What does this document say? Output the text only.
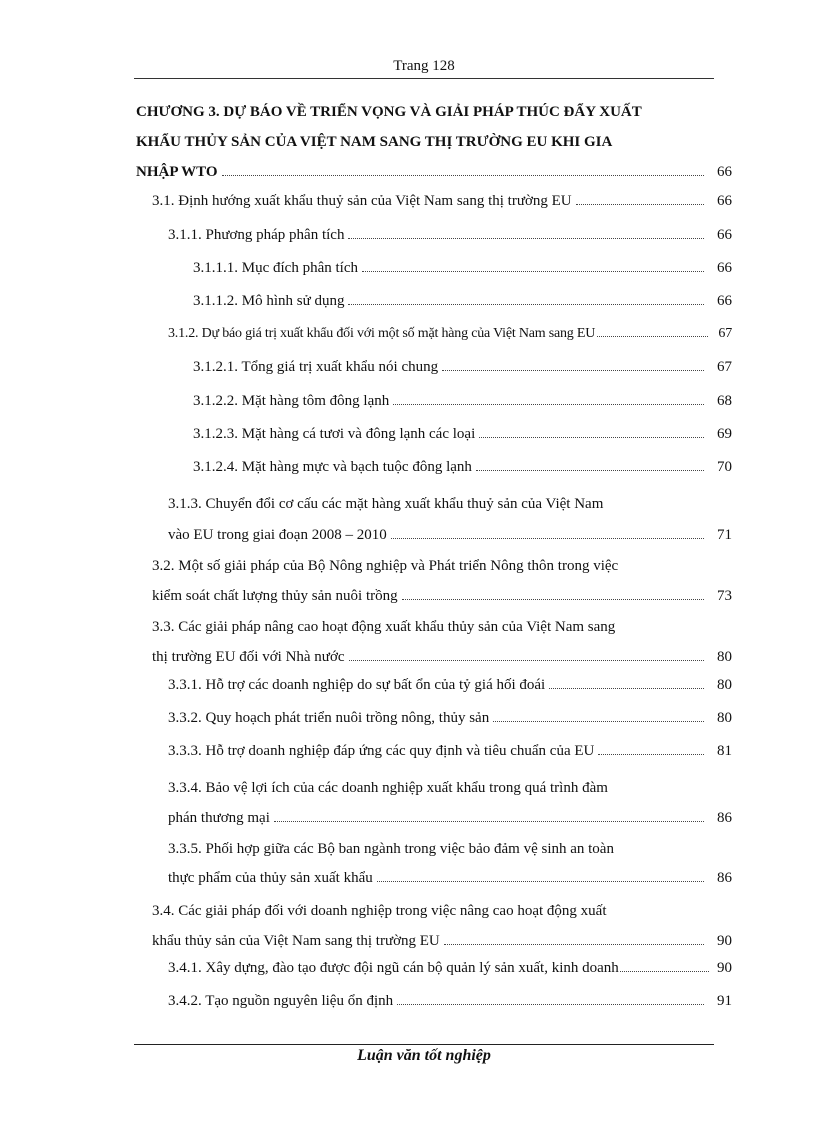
Trang 128
CHƯƠNG 3. DỰ BÁO VỀ TRIỂN VỌNG VÀ GIẢI PHÁP THÚC ĐẨY XUẤT
KHẨU THỦY SẢN CỦA VIỆT NAM SANG THỊ TRƯỜNG EU KHI GIA
NHẬP WTO	66
3.1. Định hướng xuất khẩu thuỷ sản của Việt Nam sang thị trường EU	66
3.1.1. Phương pháp phân tích	66
3.1.1.1. Mục đích phân tích	66
3.1.1.2. Mô hình sử dụng	66
3.1.2. Dự báo giá trị xuất khẩu đối với một số mặt hàng của Việt Nam sang EU	67
3.1.2.1. Tổng giá trị xuất khẩu nói chung	67
3.1.2.2. Mặt hàng tôm đông lạnh	68
3.1.2.3. Mặt hàng cá tươi và đông lạnh các loại	69
3.1.2.4. Mặt hàng mực và bạch tuộc đông lạnh	70
3.1.3. Chuyển đổi cơ cấu các mặt hàng xuất khẩu thuỷ sản của Việt Nam
vào EU trong giai đoạn 2008 – 2010	71
3.2. Một số giải pháp của Bộ Nông nghiệp và Phát triển Nông thôn trong việc
kiểm soát chất lượng thủy sản nuôi trồng	73
3.3. Các giải pháp nâng cao hoạt động xuất khẩu thủy sản của Việt Nam sang
thị trường EU đối với Nhà nước	80
3.3.1. Hỗ trợ các doanh nghiệp do sự bất ổn của tỷ giá hối đoái	80
3.3.2. Quy hoạch phát triển nuôi trồng nông, thủy sản	80
3.3.3. Hỗ trợ doanh nghiệp đáp ứng các quy định và tiêu chuẩn của EU	81
3.3.4. Bảo vệ lợi ích của các doanh nghiệp xuất khẩu trong quá trình đàm
phán thương mại	86
3.3.5. Phối hợp giữa các Bộ ban ngành trong việc bảo đảm vệ sinh an toàn
thực phẩm của thủy sản xuất khẩu	86
3.4. Các giải pháp đối với doanh nghiệp trong việc nâng cao hoạt động xuất
khẩu thủy sản của Việt Nam sang thị trường EU	90
3.4.1. Xây dựng, đào tạo được đội ngũ cán bộ quản lý sản xuất, kinh doanh	90
3.4.2. Tạo nguồn nguyên liệu ổn định	91
Luận văn tốt nghiệp
